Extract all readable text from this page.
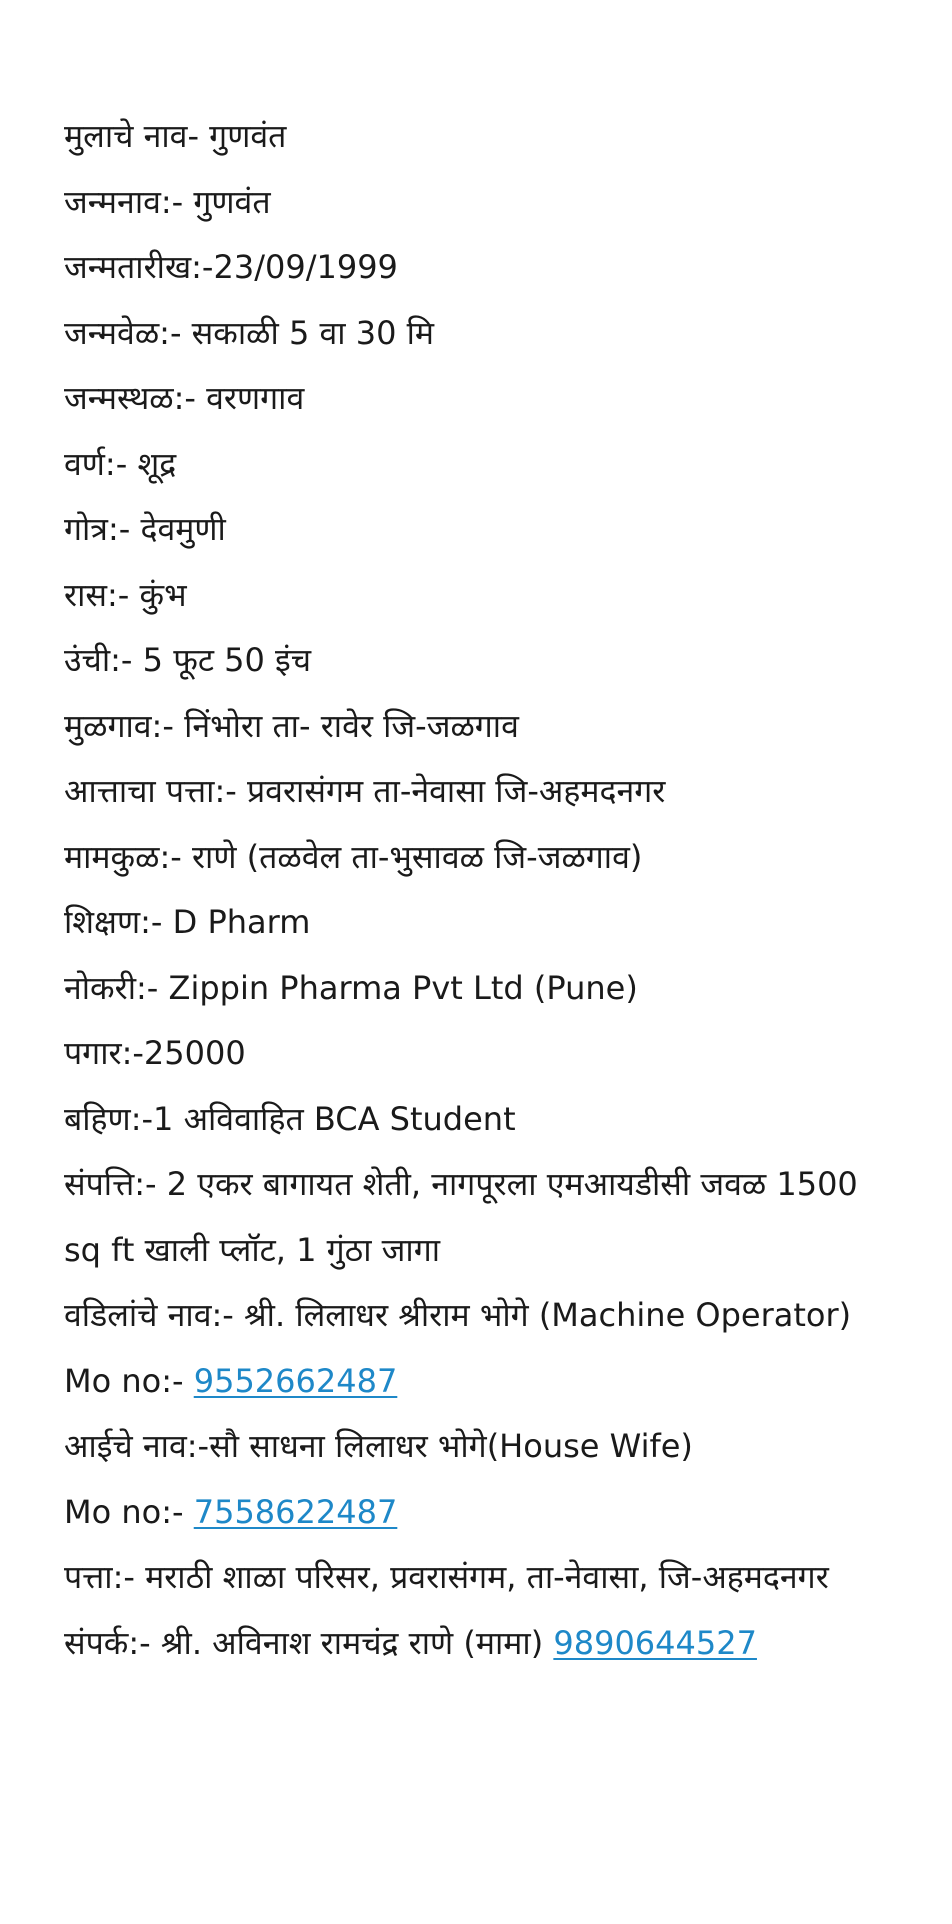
मुलाचे नाव- गुणवंत

जन्मनाव:- गुणवंत

जन्मतारीख:-23/09/1999

जन्मवेळ:- सकाळी 5 वा 30 मि

जन्मस्थळ:- वरणगाव

वर्ण:- शूद्र

गोत्र:- देवमुणी

रास:- कुंभ

उंची:- 5 फूट 50 इंच

मुळगाव:- निंभोरा ता- रावेर जि-जळगाव

आत्ताचा पत्ता:- प्रवरासंगम ता-नेवासा जि-अहमदनगर

मामकुळ:- राणे (तळवेल ता-भुसावळ जि-जळगाव)

शिक्षण:- D Pharm

नोकरी:- Zippin Pharma Pvt Ltd (Pune)

पगार:-25000

बहिण:-1 अविवाहित BCA Student

संपत्ति:- 2 एकर बागायत शेती, नागपूरला एमआयडीसी जवळ 1500 sq ft खाली प्लॉट, 1 गुंठा जागा

वडिलांचे नाव:- श्री. लिलाधर श्रीराम भोगे (Machine Operator)

Mo no:- 9552662487

आईचे नाव:-सौ साधना लिलाधर भोगे(House Wife)

Mo no:- 7558622487

पत्ता:- मराठी शाळा परिसर, प्रवरासंगम, ता-नेवासा, जि-अहमदनगर

संपर्क:- श्री. अविनाश रामचंद्र राणे (मामा) 9890644527
